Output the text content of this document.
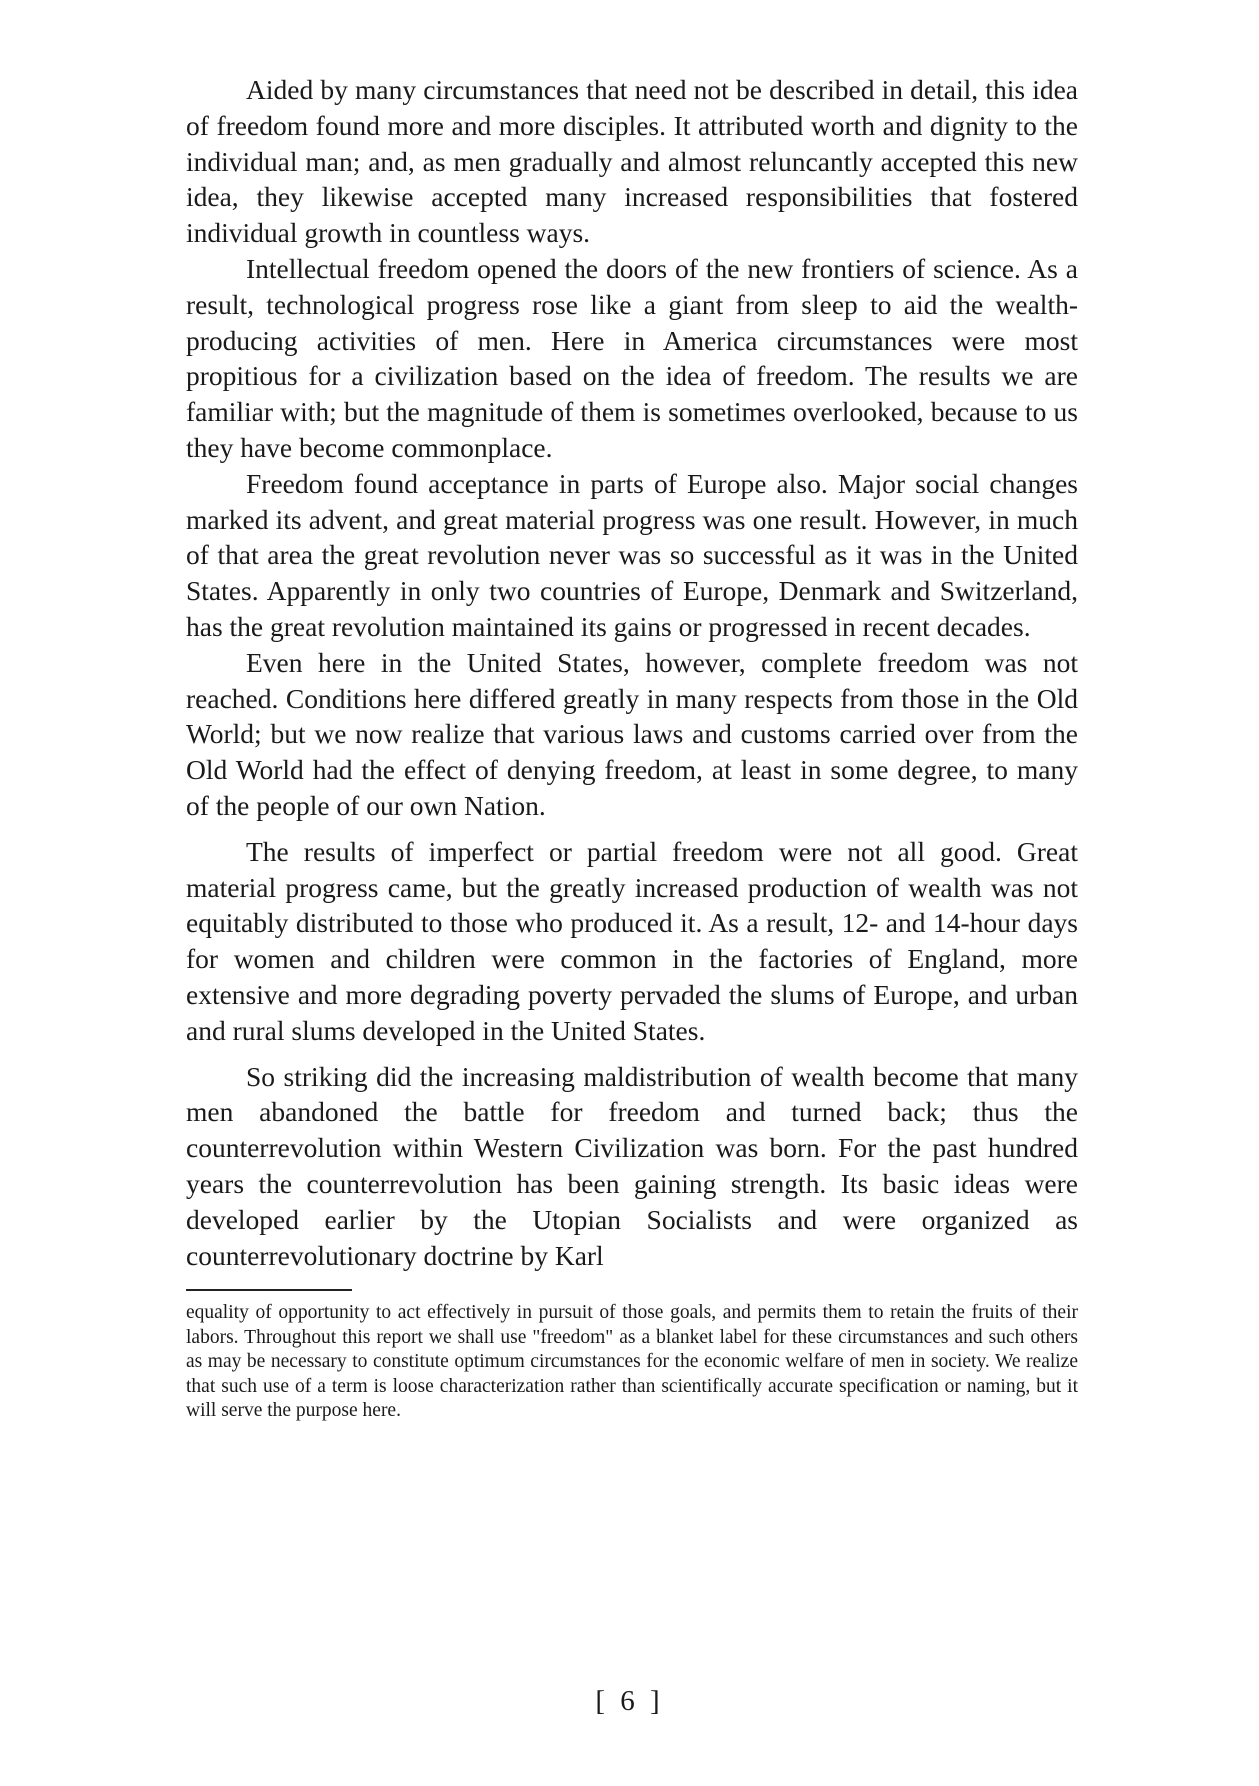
Aided by many circumstances that need not be described in detail, this idea of freedom found more and more disciples. It attributed worth and dignity to the individual man; and, as men gradually and almost reluncantly accepted this new idea, they likewise accepted many increased responsibilities that fostered individual growth in countless ways.

Intellectual freedom opened the doors of the new frontiers of science. As a result, technological progress rose like a giant from sleep to aid the wealth-producing activities of men. Here in America circumstances were most propitious for a civilization based on the idea of freedom. The results we are familiar with; but the magnitude of them is sometimes overlooked, because to us they have become commonplace.

Freedom found acceptance in parts of Europe also. Major social changes marked its advent, and great material progress was one result. However, in much of that area the great revolution never was so successful as it was in the United States. Apparently in only two countries of Europe, Denmark and Switzerland, has the great revolution maintained its gains or progressed in recent decades.

Even here in the United States, however, complete freedom was not reached. Conditions here differed greatly in many respects from those in the Old World; but we now realize that various laws and customs carried over from the Old World had the effect of denying freedom, at least in some degree, to many of the people of our own Nation.

The results of imperfect or partial freedom were not all good. Great material progress came, but the greatly increased production of wealth was not equitably distributed to those who produced it. As a result, 12- and 14-hour days for women and children were common in the factories of England, more extensive and more degrading poverty pervaded the slums of Europe, and urban and rural slums developed in the United States.

So striking did the increasing maldistribution of wealth become that many men abandoned the battle for freedom and turned back; thus the counterrevolution within Western Civilization was born. For the past hundred years the counterrevolution has been gaining strength. Its basic ideas were developed earlier by the Utopian Socialists and were organized as counterrevolutionary doctrine by Karl

equality of opportunity to act effectively in pursuit of those goals, and permits them to retain the fruits of their labors. Throughout this report we shall use "freedom" as a blanket label for these circumstances and such others as may be necessary to constitute optimum circumstances for the economic welfare of men in society. We realize that such use of a term is loose characterization rather than scientifically accurate specification or naming, but it will serve the purpose here.

[ 6 ]
